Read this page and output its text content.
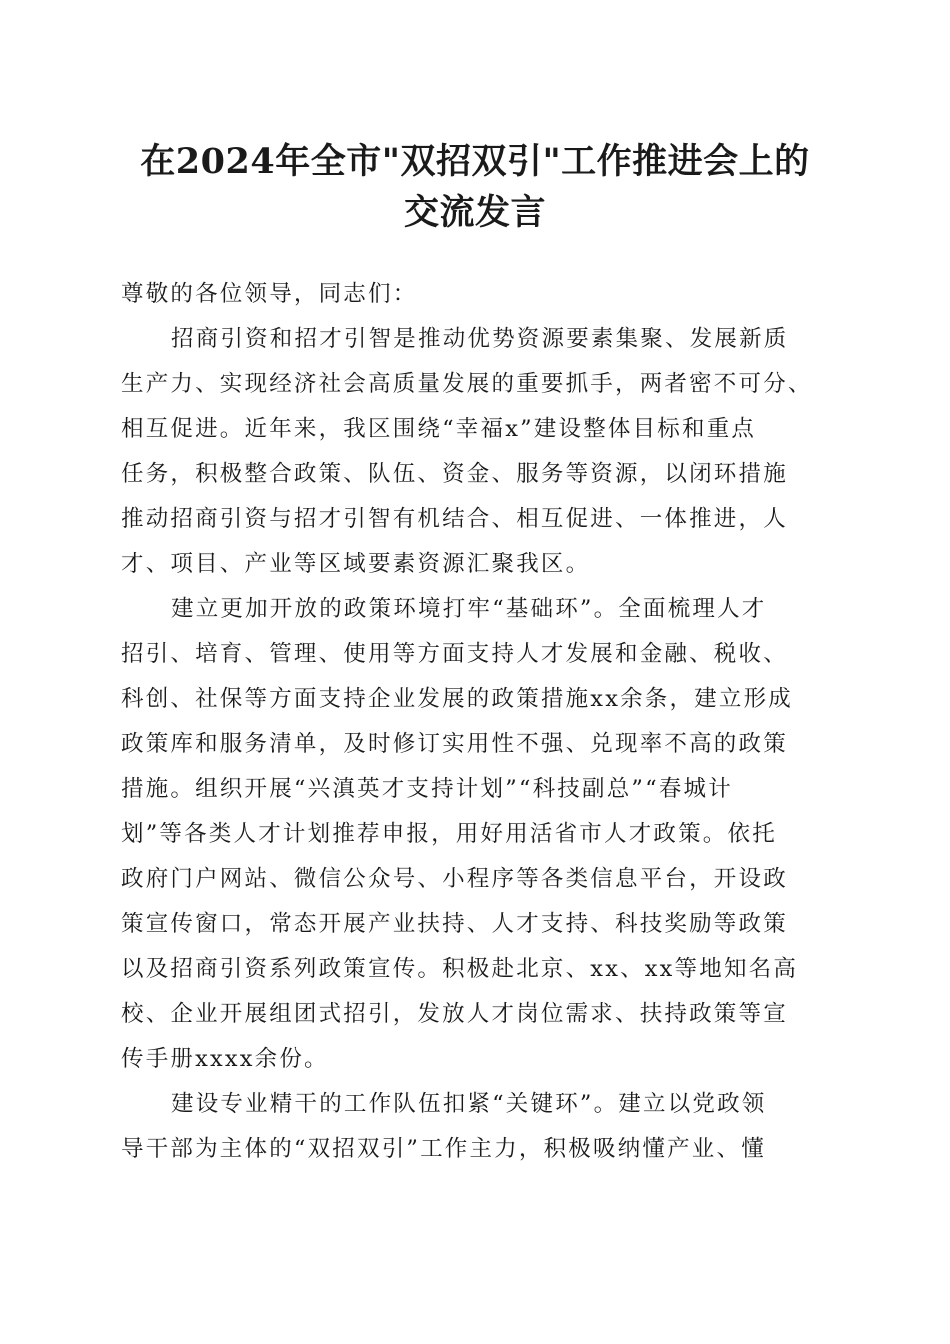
在2024年全市"双招双引"工作推进会上的
交流发言
尊敬的各位领导，同志们：
招商引资和招才引智是推动优势资源要素集聚、发展新质
生产力、实现经济社会高质量发展的重要抓手，两者密不可分、
相互促进。近年来，我区围绕“幸福x”建设整体目标和重点
任务，积极整合政策、队伍、资金、服务等资源，以闭环措施
推动招商引资与招才引智有机结合、相互促进、一体推进，人
才、项目、产业等区域要素资源汇聚我区。
建立更加开放的政策环境打牢“基础环”。全面梳理人才
招引、培育、管理、使用等方面支持人才发展和金融、税收、
科创、社保等方面支持企业发展的政策措施xx余条，建立形成
政策库和服务清单，及时修订实用性不强、兑现率不高的政策
措施。组织开展“兴滇英才支持计划”“科技副总”“春城计
划”等各类人才计划推荐申报，用好用活省市人才政策。依托
政府门户网站、微信公众号、小程序等各类信息平台，开设政
策宣传窗口，常态开展产业扶持、人才支持、科技奖励等政策
以及招商引资系列政策宣传。积极赴北京、xx、xx等地知名高
校、企业开展组团式招引，发放人才岗位需求、扶持政策等宣
传手册xxxx余份。
建设专业精干的工作队伍扣紧“关键环”。建立以党政领
导干部为主体的“双招双引”工作主力，积极吸纳懂产业、懂
